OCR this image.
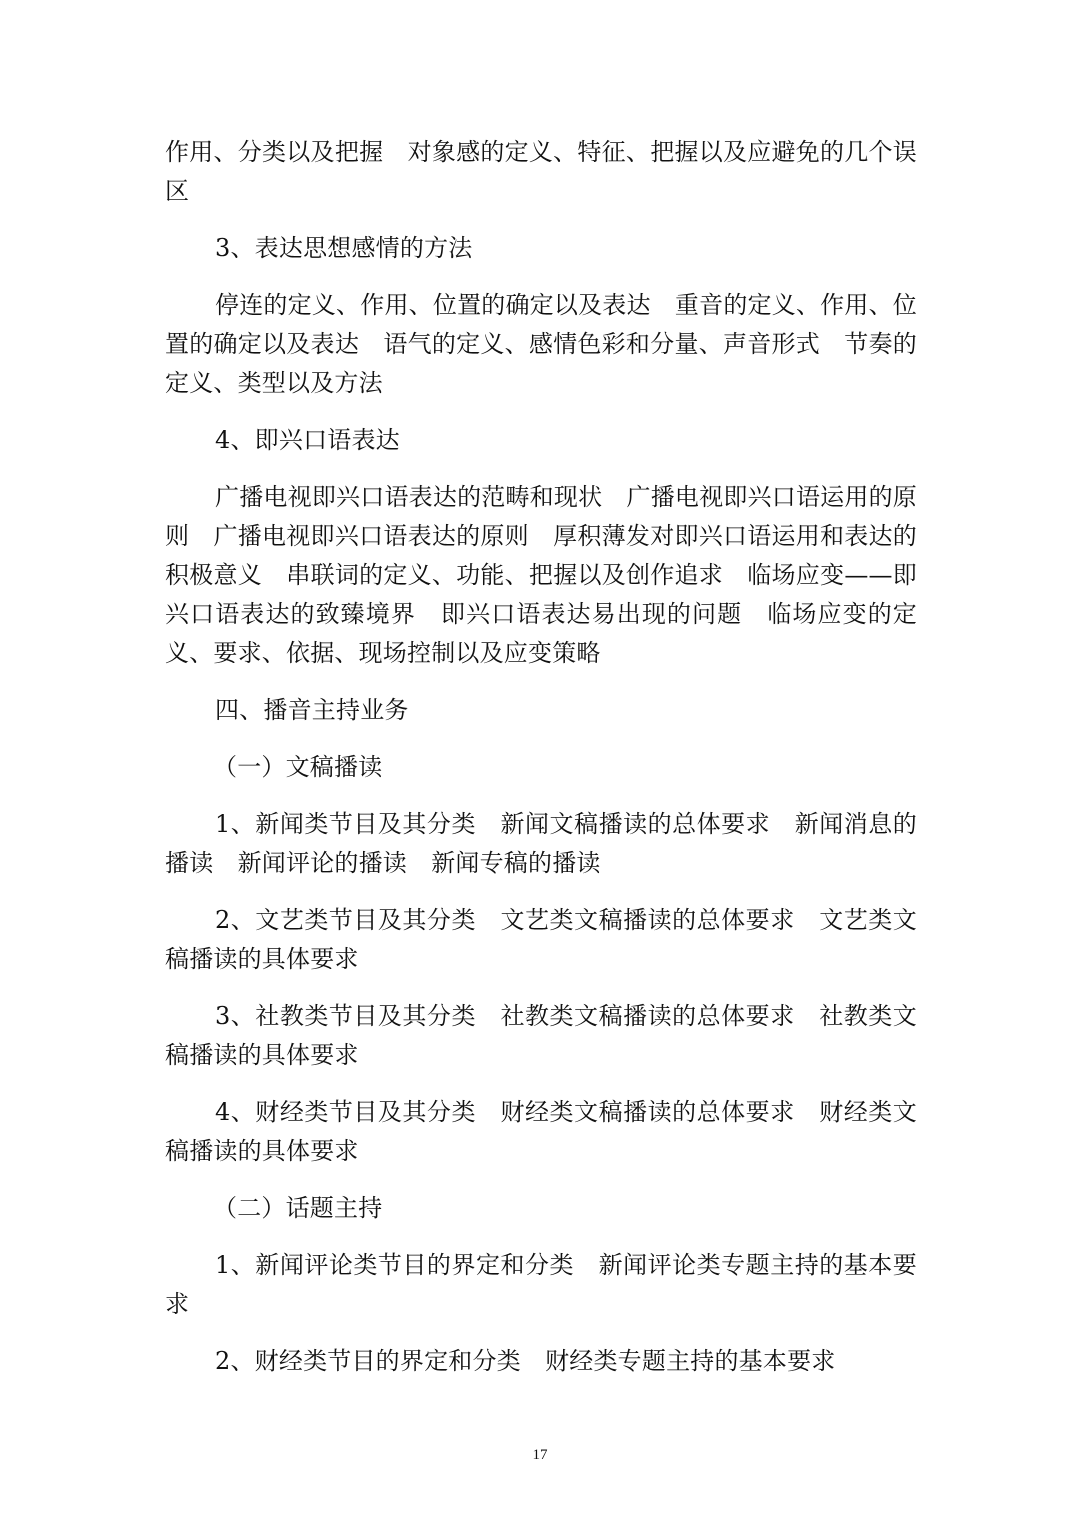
作用、分类以及把握　对象感的定义、特征、把握以及应避免的几个误区

3、表达思想感情的方法

停连的定义、作用、位置的确定以及表达　重音的定义、作用、位置的确定以及表达　语气的定义、感情色彩和分量、声音形式　节奏的定义、类型以及方法

4、即兴口语表达

广播电视即兴口语表达的范畴和现状　广播电视即兴口语运用的原则　广播电视即兴口语表达的原则　厚积薄发对即兴口语运用和表达的积极意义　串联词的定义、功能、把握以及创作追求　临场应变——即兴口语表达的致臻境界　即兴口语表达易出现的问题　临场应变的定义、要求、依据、现场控制以及应变策略

四、播音主持业务

（一）文稿播读

1、新闻类节目及其分类　新闻文稿播读的总体要求　新闻消息的播读　新闻评论的播读　新闻专稿的播读

2、文艺类节目及其分类　文艺类文稿播读的总体要求　文艺类文稿播读的具体要求

3、社教类节目及其分类　社教类文稿播读的总体要求　社教类文稿播读的具体要求

4、财经类节目及其分类　财经类文稿播读的总体要求　财经类文稿播读的具体要求

（二）话题主持

1、新闻评论类节目的界定和分类　新闻评论类专题主持的基本要求

2、财经类节目的界定和分类　财经类专题主持的基本要求

17
